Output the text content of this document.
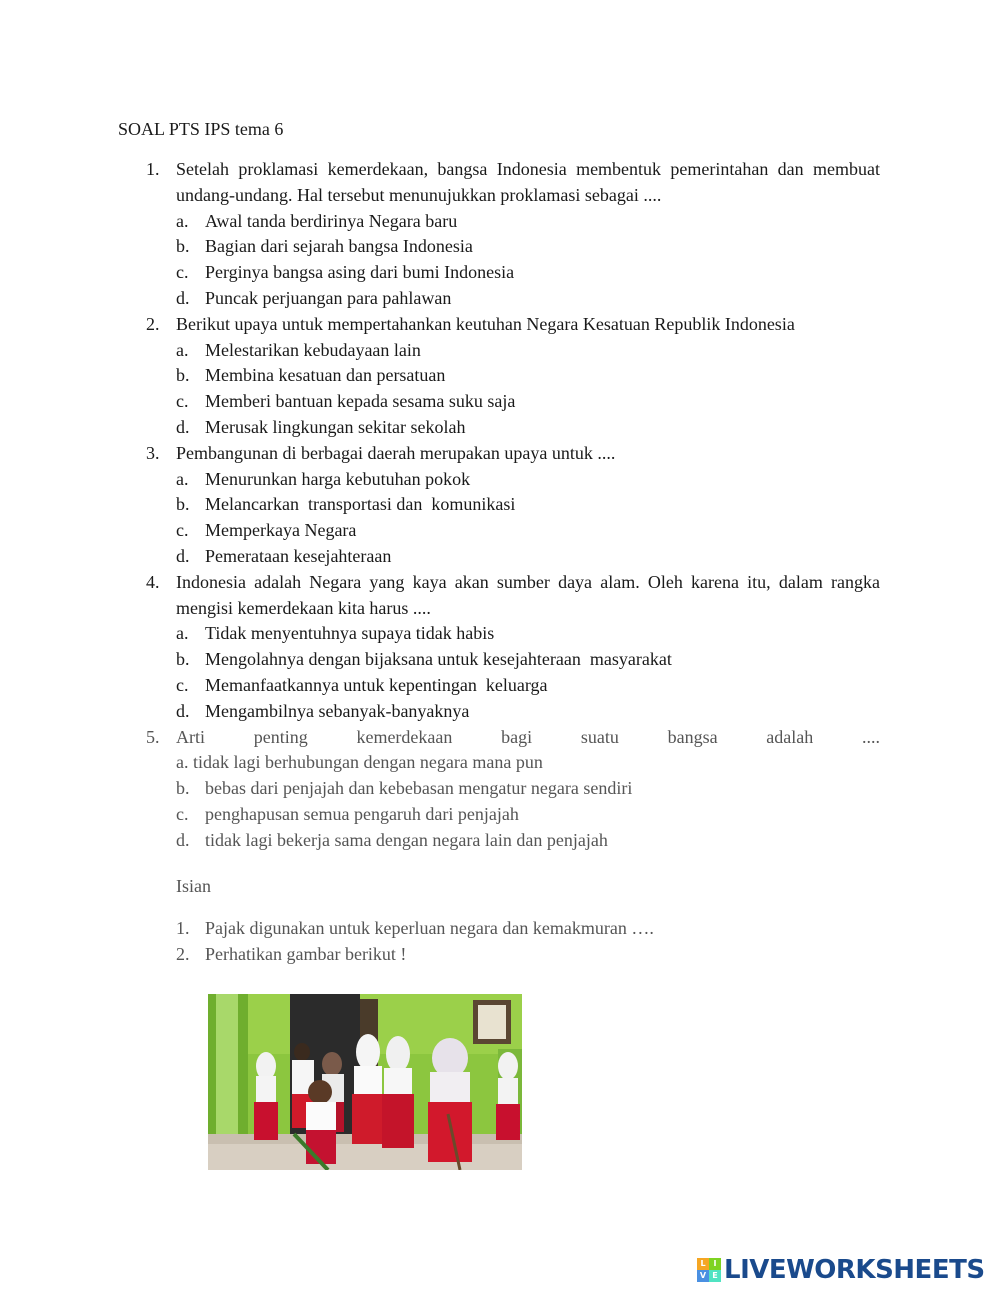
SOAL PTS IPS tema 6
1. Setelah proklamasi kemerdekaan, bangsa Indonesia membentuk pemerintahan dan membuat undang-undang. Hal tersebut menunujukkan proklamasi sebagai ....
a. Awal tanda berdirinya Negara baru
b. Bagian dari sejarah bangsa Indonesia
c. Perginya bangsa asing dari bumi Indonesia
d. Puncak perjuangan para pahlawan
2. Berikut upaya untuk mempertahankan keutuhan Negara Kesatuan Republik Indonesia
a. Melestarikan kebudayaan lain
b. Membina kesatuan dan persatuan
c. Memberi bantuan kepada sesama suku saja
d. Merusak lingkungan sekitar sekolah
3. Pembangunan di berbagai daerah merupakan upaya untuk ....
a. Menurunkan harga kebutuhan pokok
b. Melancarkan  transportasi dan  komunikasi
c. Memperkaya Negara
d. Pemerataan kesejahteraan
4. Indonesia adalah Negara yang kaya akan sumber daya alam. Oleh karena itu, dalam rangka mengisi kemerdekaan kita harus ....
a. Tidak menyentuhnya supaya tidak habis
b. Mengolahnya dengan bijaksana untuk kesejahteraan  masyarakat
c. Memanfaatkannya untuk kepentingan  keluarga
d. Mengambilnya sebanyak-banyaknya
5. Arti penting kemerdekaan bagi suatu bangsa adalah ....
a. tidak lagi berhubungan dengan negara mana pun
b. bebas dari penjajah dan kebebasan mengatur negara sendiri
c. penghapusan semua pengaruh dari penjajah
d. tidak lagi bekerja sama dengan negara lain dan penjajah
Isian
1. Pajak digunakan untuk keperluan negara dan kemakmuran ….
2. Perhatikan gambar berikut !
L I
V E LIVEWORKSHEETS
